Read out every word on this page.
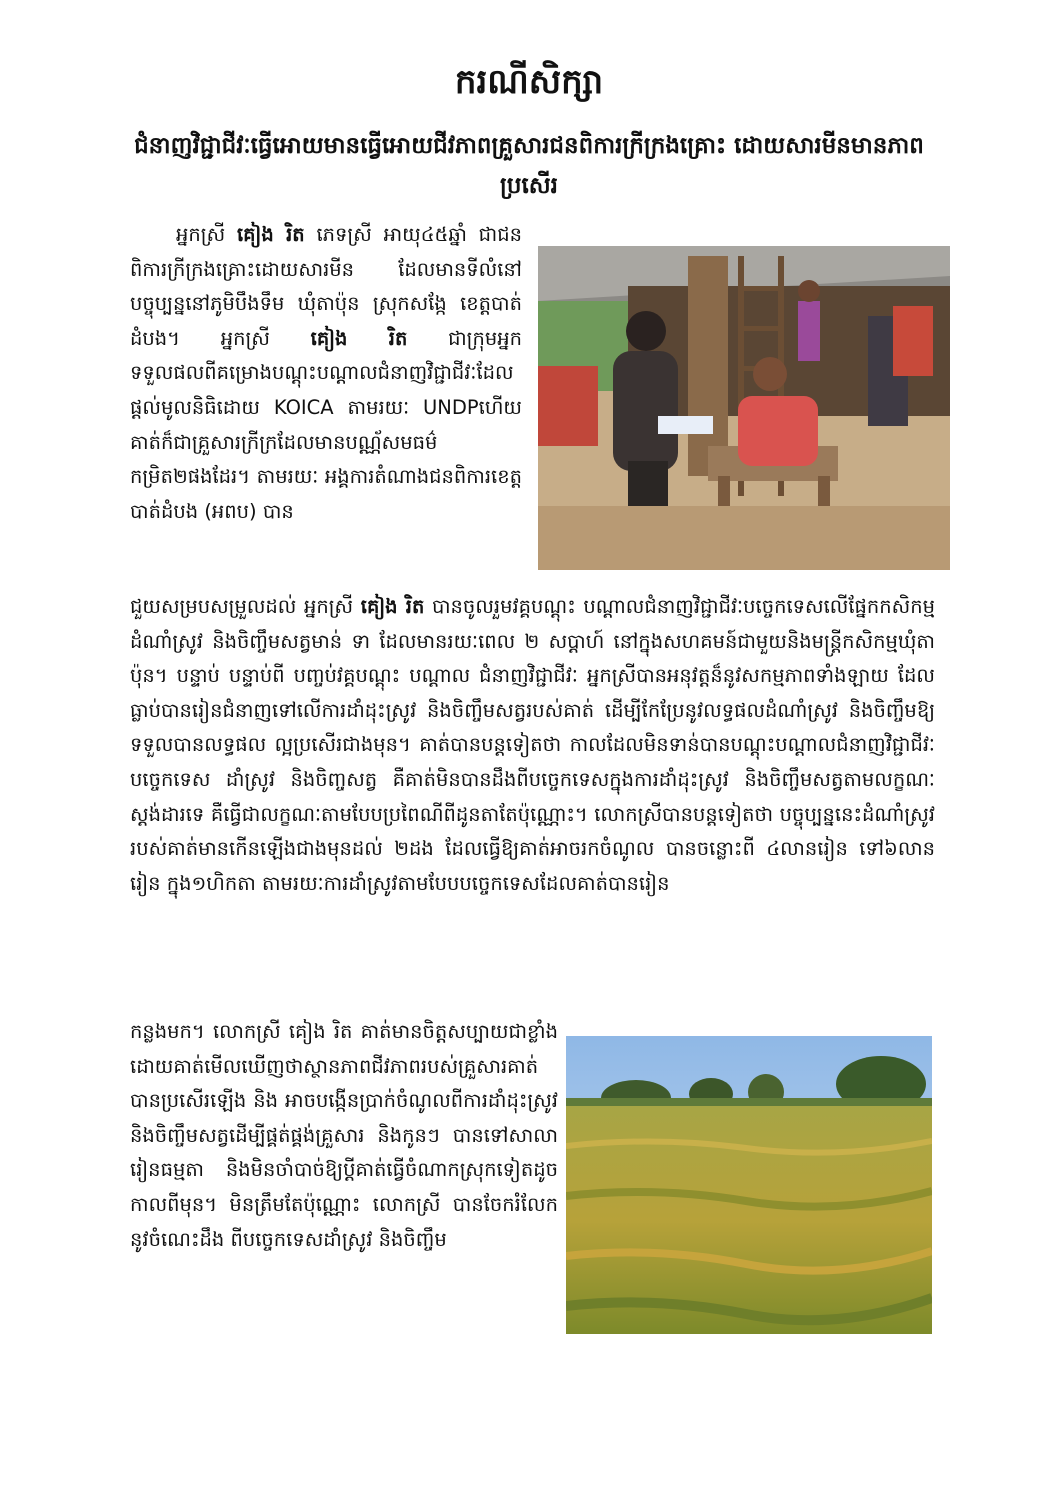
ករណីសិក្សា
ជំនាញវិជ្ជាជីវៈធ្វើអោយមានធ្វើអោយជីវភាពគ្រួសារជនពិការក្រីក្រងគ្រោះ ដោយសារមីនមានភាពប្រសើរ

អ្នកស្រី គៀង រិត ភេទស្រី អាយុ៤៥ឆ្នាំ ជាជនពិការក្រីក្រងគ្រោះដោយសារមីន ដែលមានទីលំនៅបច្ចុប្បន្ននៅភូមិបឹងទឹម ឃុំតាប៉ុន ស្រុកសង្កែ ខេត្តបាត់ដំបង។ អ្នកស្រី គៀង រិត ជាក្រុមអ្នកទទួលផលពីគម្រោងបណ្តុះបណ្តាលជំនាញវិជ្ជាជីវៈដែលផ្តល់មូលនិធិដោយ KOICA តាមរយៈ UNDPហើយគាត់ក៏ជាគ្រួសារក្រីក្រដែលមានបណ្ណ័សមធម៌កម្រិត២ផងដែរ។ តាមរយៈ អង្គការតំណាងជនពិការខេត្តបាត់ដំបង (អពប) បាន

ជួយសម្របសម្រួលដល់ អ្នកស្រី គៀង រិត បានចូលរួមវគ្គបណ្តុះ បណ្តាលជំនាញវិជ្ជាជីវៈបច្ចេកទេសលើផ្នែកកសិកម្មដំណាំស្រូវ និងចិញ្ចឹមសត្វមាន់ ទា ដែលមានរយៈពេល ២ សប្តាហ៍ នៅក្នុងសហគមន៍ជាមួយនិងមន្ត្រីកសិកម្មឃុំតាប៉ុន។ បន្ទាប់ បន្ទាប់ពី បញ្ចប់វគ្គបណ្តុះ បណ្តាល ជំនាញវិជ្ជាជីវៈ អ្នកស្រីបានអនុវត្តន៏នូវសកម្មភាពទាំងឡាយ ដែលធ្លាប់បានរៀនជំនាញទៅលើការដាំដុះស្រូវ និងចិញ្ចឹមសត្វរបស់គាត់ ដើម្បីកែប្រែនូវលទ្ធផលដំណាំស្រូវ និងចិញ្ចឹមឱ្យទទួលបានលទ្ធផល ល្អប្រសើរជាងមុន។ គាត់បានបន្តទៀតថា កាលដែលមិនទាន់បានបណ្តុះបណ្តាលជំនាញវិជ្ជាជីវៈបច្ចេកទេស ដាំស្រូវ និងចិញ្ចសត្វ គឺគាត់មិនបានដឹងពីបច្ចេកទេសក្នុងការដាំដុះស្រូវ និងចិញ្ចឹមសត្វតាមលក្ខណៈស្តង់ដារទេ គឺធ្វើជាលក្ខណៈតាមបែបប្រពៃណីពីដូនតាតែប៉ុណ្ណោះ។ លោកស្រីបានបន្តទៀតថា បច្ចុប្បន្ននេះដំណាំស្រូវរបស់គាត់មានកើនឡើងជាងមុនដល់ ២ដង ដែលធ្វើឱ្យគាត់អាចរកចំណូល បានចន្លោះពី ៤លានរៀន ទៅ៦លានរៀន ក្នុង១ហិកតា តាមរយៈការដាំស្រូវតាមបែបបច្ចេកទេសដែលគាត់បានរៀន

កន្លងមក។ លោកស្រី គៀង រិត គាត់មានចិត្តសប្បាយជាខ្លាំងដោយគាត់មើលឃើញថាស្ថានភាពជីវភាពរបស់គ្រួសារគាត់បានប្រសើរឡើង និង អាចបង្កើនប្រាក់ចំណូលពីការដាំដុះស្រូវ និងចិញ្ចឹមសត្វដើម្បីផ្គត់ផ្គង់គ្រួសារ និងកូនៗ បានទៅសាលារៀនធម្មតា និងមិនចាំបាច់ឱ្យប្តីគាត់ធ្វើចំណាកស្រុកទៀតដូចកាលពីមុន។ មិនត្រឹមតែប៉ុណ្ណោះ លោកស្រី បានចែករំលែកនូវចំណេះដឹង ពីបច្ចេកទេសដាំស្រូវ និងចិញ្ចឹម
